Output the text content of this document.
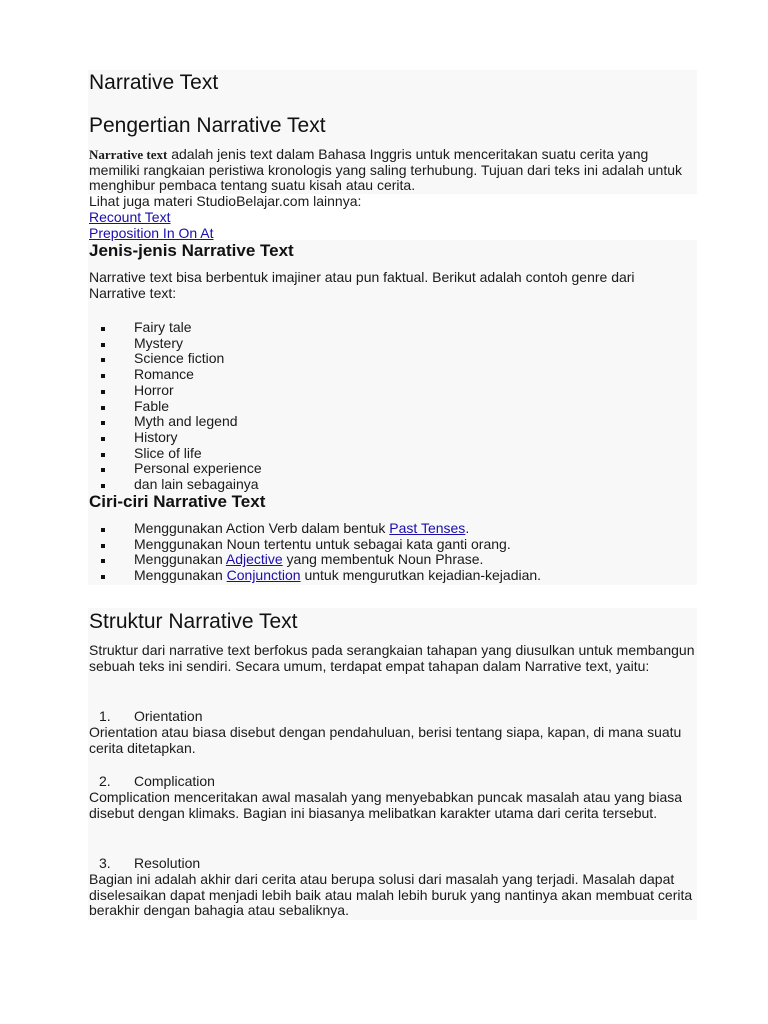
Narrative Text
Pengertian Narrative Text

Narrative text adalah jenis text dalam Bahasa Inggris untuk menceritakan suatu cerita yang memiliki rangkaian peristiwa kronologis yang saling terhubung. Tujuan dari teks ini adalah untuk menghibur pembaca tentang suatu kisah atau cerita.

Lihat juga materi StudioBelajar.com lainnya:
Recount Text
Preposition In On At
Jenis-jenis Narrative Text

Narrative text bisa berbentuk imajiner atau pun faktual. Berikut adalah contoh genre dari Narrative text:

Fairy tale
Mystery
Science fiction
Romance
Horror
Fable
Myth and legend
History
Slice of life
Personal experience
dan lain sebagainya
Ciri-ciri Narrative Text
Menggunakan Action Verb dalam bentuk Past Tenses.
Menggunakan Noun tertentu untuk sebagai kata ganti orang.
Menggunakan Adjective yang membentuk Noun Phrase.
Menggunakan Conjunction untuk mengurutkan kejadian-kejadian.
Struktur Narrative Text

Struktur dari narrative text berfokus pada serangkaian tahapan yang diusulkan untuk membangun sebuah teks ini sendiri. Secara umum, terdapat empat tahapan dalam Narrative text, yaitu:

1. Orientation

Orientation atau biasa disebut dengan pendahuluan, berisi tentang siapa, kapan, di mana suatu cerita ditetapkan.

2. Complication

Complication menceritakan awal masalah yang menyebabkan puncak masalah atau yang biasa disebut dengan klimaks. Bagian ini biasanya melibatkan karakter utama dari cerita tersebut.

3. Resolution

Bagian ini adalah akhir dari cerita atau berupa solusi dari masalah yang terjadi. Masalah dapat diselesaikan dapat menjadi lebih baik atau malah lebih buruk yang nantinya akan membuat cerita berakhir dengan bahagia atau sebaliknya.
